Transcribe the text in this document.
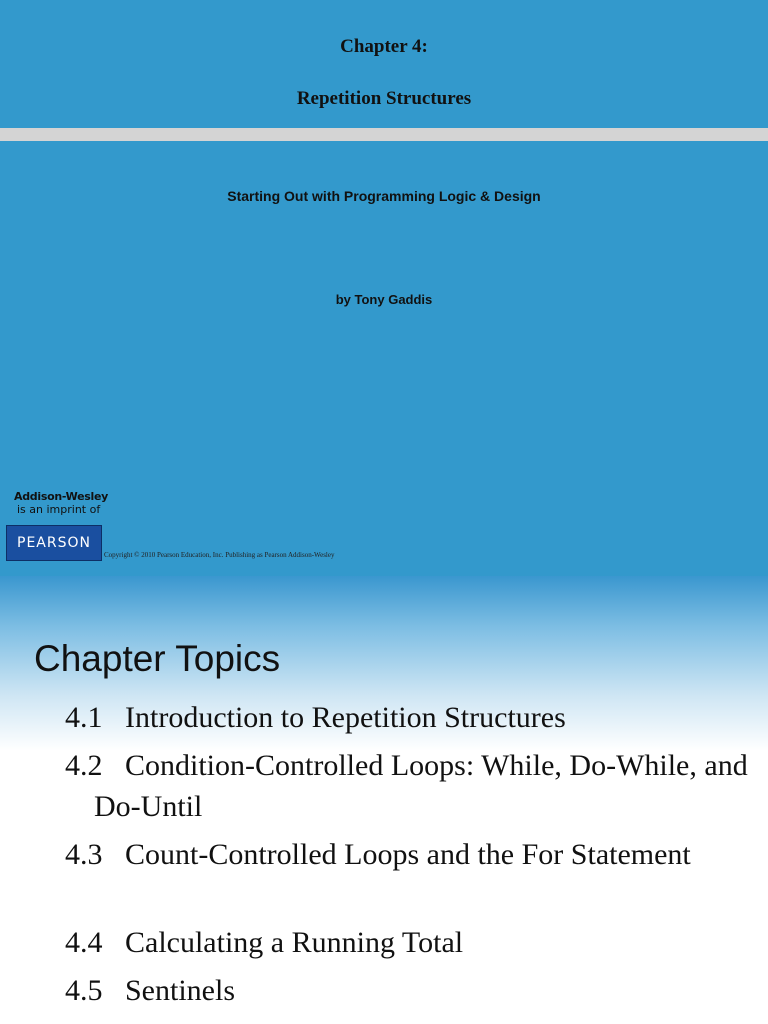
Chapter 4:
Repetition Structures
Starting Out with Programming Logic & Design
by Tony Gaddis
Addison-Wesley
is an imprint of
PEARSON
Copyright © 2010 Pearson Education, Inc. Publishing as Pearson Addison-Wesley
Chapter Topics
4.1 Introduction to Repetition Structures
4.2 Condition-Controlled Loops: While, Do-While, and Do-Until
4.3 Count-Controlled Loops and the For Statement
4.4 Calculating a Running Total
4.5 Sentinels
